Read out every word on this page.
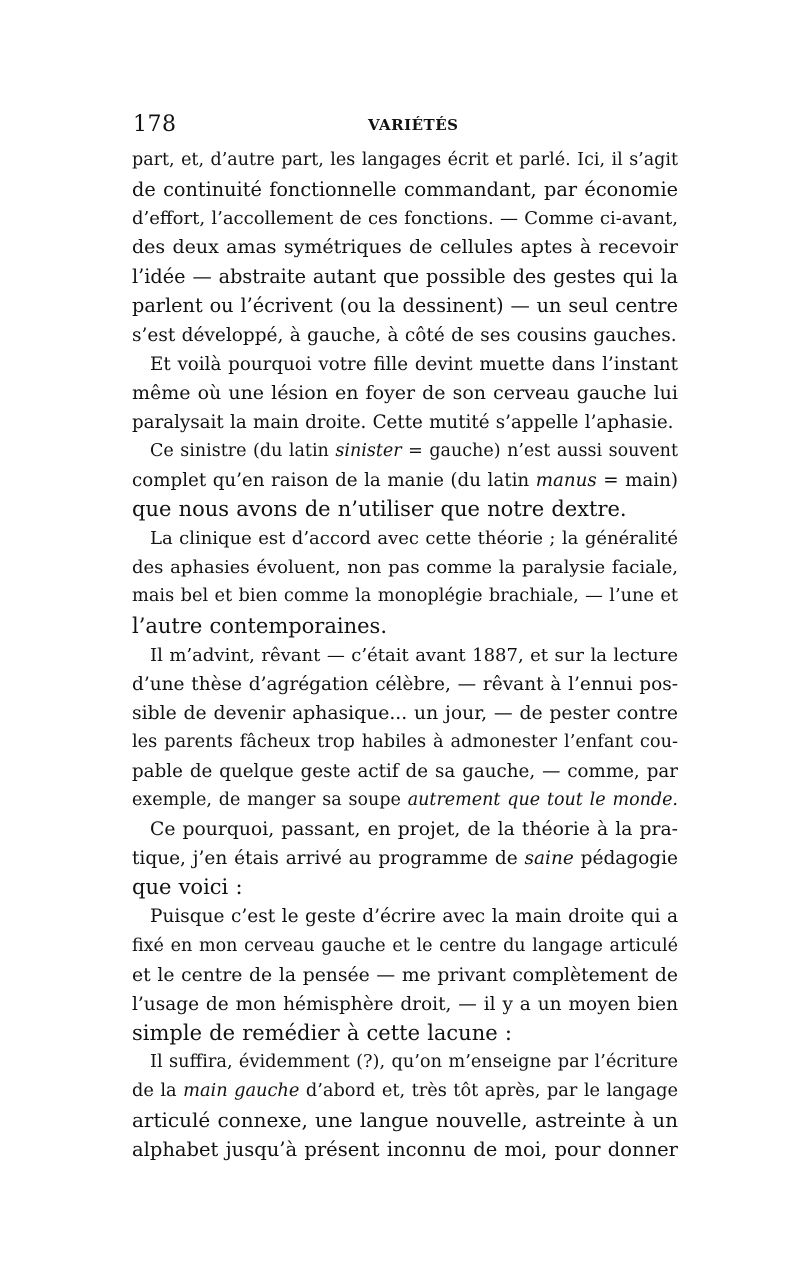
178	VARIÉTÉS
part, et, d’autre part, les langages écrit et parlé. Ici, il s’agit
de continuité fonctionnelle commandant, par économie
d’effort, l’accollement de ces fonctions. — Comme ci-avant,
des deux amas symétriques de cellules aptes à recevoir
l’idée — abstraite autant que possible des gestes qui la
parlent ou l’écrivent (ou la dessinent) — un seul centre
s’est développé, à gauche, à côté de ses cousins gauches.
Et voilà pourquoi votre fille devint muette dans l’instant
même où une lésion en foyer de son cerveau gauche lui
paralysait la main droite. Cette mutité s’appelle l’aphasie.
Ce sinistre (du latin sinister = gauche) n’est aussi souvent
complet qu’en raison de la manie (du latin manus = main)
que nous avons de n’utiliser que notre dextre.
La clinique est d’accord avec cette théorie ; la généralité
des aphasies évoluent, non pas comme la paralysie faciale,
mais bel et bien comme la monoplégie brachiale, — l’une et
l’autre contemporaines.
Il m’advint, rêvant — c’était avant 1887, et sur la lecture
d’une thèse d’agrégation célèbre, — rêvant à l’ennui pos-
sible de devenir aphasique... un jour, — de pester contre
les parents fâcheux trop habiles à admonester l’enfant cou-
pable de quelque geste actif de sa gauche, — comme, par
exemple, de manger sa soupe autrement que tout le monde.
Ce pourquoi, passant, en projet, de la théorie à la pra-
tique, j’en étais arrivé au programme de saine pédagogie
que voici :
Puisque c’est le geste d’écrire avec la main droite qui a
fixé en mon cerveau gauche et le centre du langage articulé
et le centre de la pensée — me privant complètement de
l’usage de mon hémisphère droit, — il y a un moyen bien
simple de remédier à cette lacune :
Il suffira, évidemment (?), qu’on m’enseigne par l’écriture
de la main gauche d’abord et, très tôt après, par le langage
articulé connexe, une langue nouvelle, astreinte à un
alphabet jusqu’à présent inconnu de moi, pour donner
